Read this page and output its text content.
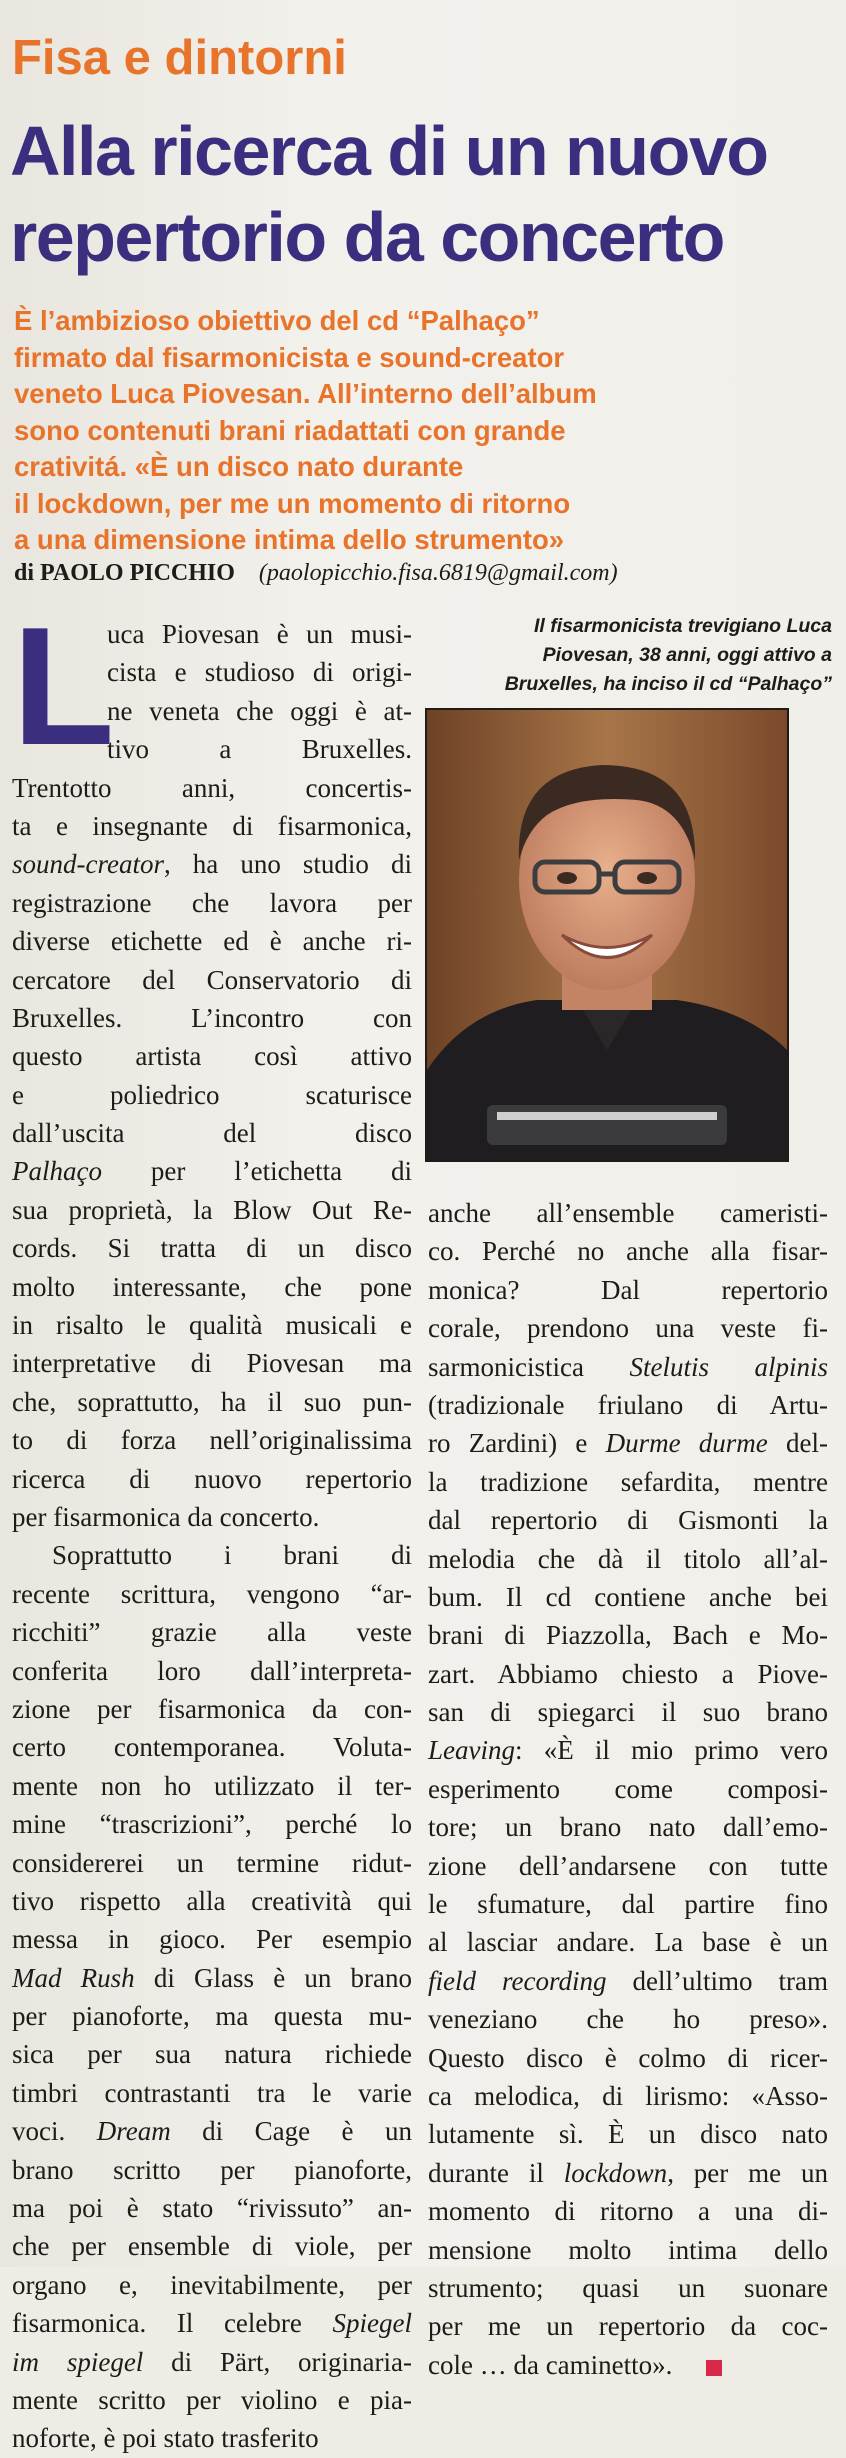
Fisa e dintorni
Alla ricerca di un nuovo
repertorio da concerto
È l’ambizioso obiettivo del cd “Palhaço”
firmato dal fisarmonicista e sound-creator
veneto Luca Piovesan. All’interno dell’album
sono contenuti brani riadattati con grande
crativitá. «È un disco nato durante
il lockdown, per me un momento di ritorno
a una dimensione intima dello strumento»
di PAOLO PICCHIO (paolopicchio.fisa.6819@gmail.com)
L
uca Piovesan è un musi-
cista e studioso di origi-
ne veneta che oggi è at-
tivo a Bruxelles.
Trentotto anni, concertis-
ta e insegnante di fisarmonica,
sound-creator, ha uno studio di
registrazione che lavora per
diverse etichette ed è anche ri-
cercatore del Conservatorio di
Bruxelles. L’incontro con
questo artista così attivo
e poliedrico scaturisce
dall’uscita del disco
Palhaço per l’etichetta di
sua proprietà, la Blow Out Re-
cords. Si tratta di un disco
molto interessante, che pone
in risalto le qualità musicali e
interpretative di Piovesan ma
che, soprattutto, ha il suo pun-
to di forza nell’originalissima
ricerca di nuovo repertorio
per fisarmonica da concerto.
Soprattutto i brani di
recente scrittura, vengono “ar-
ricchiti” grazie alla veste
conferita loro dall’interpreta-
zione per fisarmonica da con-
certo contemporanea. Voluta-
mente non ho utilizzato il ter-
mine “trascrizioni”, perché lo
considererei un termine ridut-
tivo rispetto alla creatività qui
messa in gioco. Per esempio
Mad Rush di Glass è un brano
per pianoforte, ma questa mu-
sica per sua natura richiede
timbri contrastanti tra le varie
voci. Dream di Cage è un
brano scritto per pianoforte,
ma poi è stato “rivissuto” an-
che per ensemble di viole, per
organo e, inevitabilmente, per
fisarmonica. Il celebre Spiegel
im spiegel di Pärt, originaria-
mente scritto per violino e pia-
noforte, è poi stato trasferito
Il fisarmonicista trevigiano Luca
Piovesan, 38 anni, oggi attivo a
Bruxelles, ha inciso il cd “Palhaço”
anche all’ensemble cameristi-
co. Perché no anche alla fisar-
monica? Dal repertorio
corale, prendono una veste fi-
sarmonicistica Stelutis alpinis
(tradizionale friulano di Artu-
ro Zardini) e Durme durme del-
la tradizione sefardita, mentre
dal repertorio di Gismonti la
melodia che dà il titolo all’al-
bum. Il cd contiene anche bei
brani di Piazzolla, Bach e Mo-
zart. Abbiamo chiesto a Piove-
san di spiegarci il suo brano
Leaving: «È il mio primo vero
esperimento come composi-
tore; un brano nato dall’emo-
zione dell’andarsene con tutte
le sfumature, dal partire fino
al lasciar andare. La base è un
field recording dell’ultimo tram
veneziano che ho preso».
Questo disco è colmo di ricer-
ca melodica, di lirismo: «Asso-
lutamente sì. È un disco nato
durante il lockdown, per me un
momento di ritorno a una di-
mensione molto intima dello
strumento; quasi un suonare
per me un repertorio da coc-
cole … da caminetto».
